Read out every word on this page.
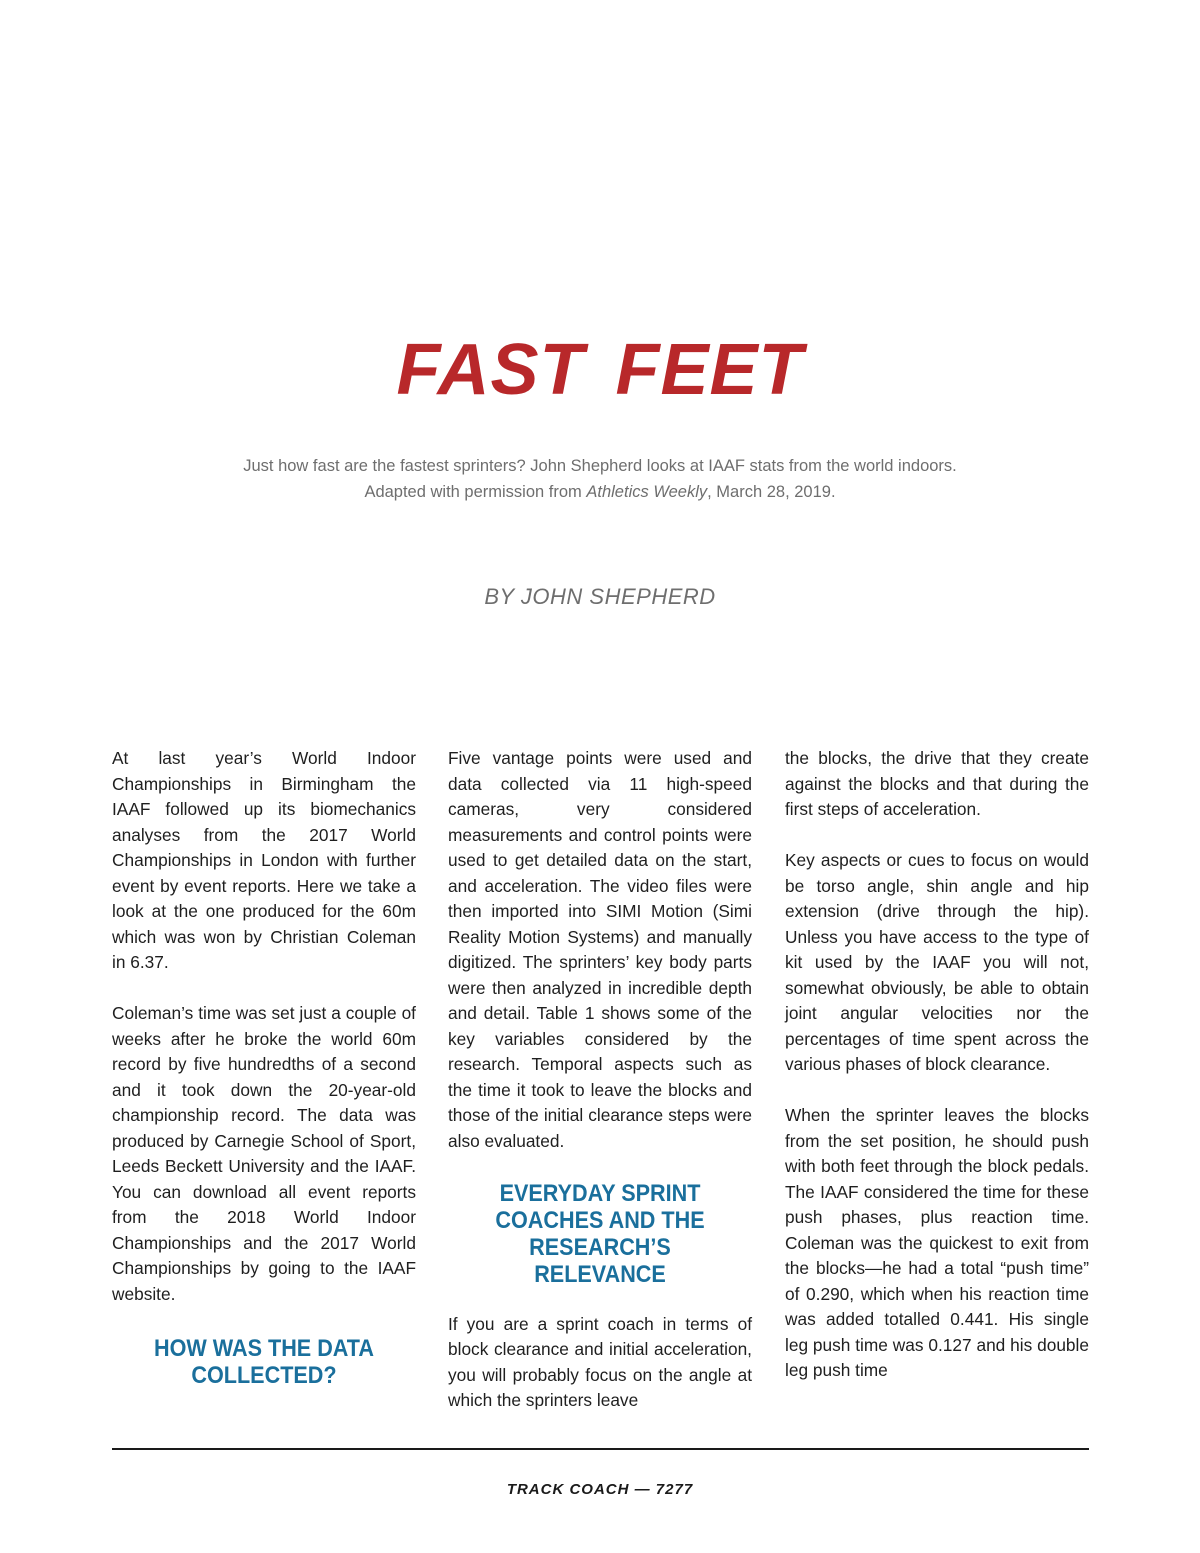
FAST FEET
Just how fast are the fastest sprinters? John Shepherd looks at IAAF stats from the world indoors. Adapted with permission from Athletics Weekly, March 28, 2019.
BY JOHN SHEPHERD

At last year’s World Indoor Championships in Birmingham the IAAF followed up its biomechanics analyses from the 2017 World Championships in London with further event by event reports. Here we take a look at the one produced for the 60m which was won by Christian Coleman in 6.37.

Coleman’s time was set just a couple of weeks after he broke the world 60m record by five hundredths of a second and it took down the 20-year-old championship record. The data was produced by Carnegie School of Sport, Leeds Beckett University and the IAAF. You can download all event reports from the 2018 World Indoor Championships and the 2017 World Championships by going to the IAAF website.

HOW WAS THE DATA COLLECTED?

Five vantage points were used and data collected via 11 high-speed cameras, very considered measurements and control points were used to get detailed data on the start, and acceleration. The video files were then imported into SIMI Motion (Simi Reality Motion Systems) and manually digitized. The sprinters’ key body parts were then analyzed in incredible depth and detail. Table 1 shows some of the key variables considered by the research. Temporal aspects such as the time it took to leave the blocks and those of the initial clearance steps were also evaluated.

EVERYDAY SPRINT COACHES AND THE RESEARCH’S RELEVANCE

If you are a sprint coach in terms of block clearance and initial acceleration, you will probably focus on the angle at which the sprinters leave

the blocks, the drive that they create against the blocks and that during the first steps of acceleration.

Key aspects or cues to focus on would be torso angle, shin angle and hip extension (drive through the hip). Unless you have access to the type of kit used by the IAAF you will not, somewhat obviously, be able to obtain joint angular velocities nor the percentages of time spent across the various phases of block clearance.

When the sprinter leaves the blocks from the set position, he should push with both feet through the block pedals. The IAAF considered the time for these push phases, plus reaction time. Coleman was the quickest to exit from the blocks—he had a total “push time” of 0.290, which when his reaction time was added totalled 0.441. His single leg push time was 0.127 and his double leg push time

TRACK COACH — 7277
